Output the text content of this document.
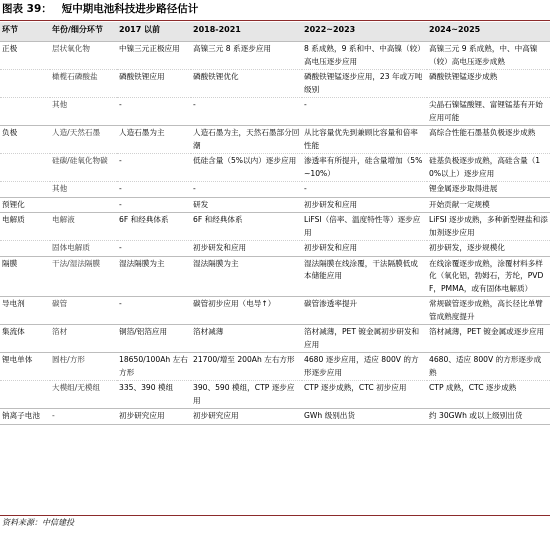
图表 39： 短中期电池科技进步路径估计
环节	年份/细分环节	2017 以前	2018-2021	2022~2023	2024~2025
正极	层状氧化物	中镍三元正极应用	高镍三元 8 系逐步应用	8 系成熟，9 系和中、中高镍（较）高电压逐步应用	高镍三元 9 系成熟，中、中高镍（较）高电压逐步成熟
	橄榄石磷酸盐	磷酸铁锂应用	磷酸铁锂优化	磷酸铁锂锰逐步应用，23 年或万吨级别	磷酸铁锂锰逐步成熟
	其他	-	-	-	尖晶石镍锰酸锂、富锂锰基有开始应用可能
负极	人造/天然石墨	人造石墨为主	人造石墨为主，天然石墨部分回潮	从比容量优先到兼顾比容量和倍率性能	高综合性能石墨基负极逐步成熟
	硅碳/硅氧化物碳	-	低硅含量（5%以内）逐步应用	渗透率有所提升，硅含量增加（5%~10%）	硅基负极逐步成熟，高硅含量（10%以上）逐步应用
	其他	-	-	-	锂金属逐步取得进展
预锂化		-	研发	初步研发和应用	开始贡献一定规模
电解质	电解液	6F 和经典体系	6F 和经典体系	LiFSI（倍率、温度特性等）逐步应用	LiFSI 逐步成熟，多种新型锂盐和添加剂逐步应用
	固体电解质	-	初步研发和应用	初步研发和应用	初步研发，逐步规模化
隔膜	干法/湿法隔膜	湿法隔膜为主	湿法隔膜为主	湿法隔膜在线涂覆，干法隔膜低成本储能应用	在线涂覆逐步成熟，涂覆材料多样化（氧化铝，勃姆石，芳纶，PVDF，PMMA，或有固体电解质）
导电剂	碳管	-	碳管初步应用（电导↑）	碳管渗透率提升	常规碳管逐步成熟，高长径比单臂管成熟度提升
集流体	箔材	铜箔/铝箔应用	箔材减薄	箔材减薄，PET 镀金属初步研发和应用	箔材减薄，PET 镀金属或逐步应用
锂电单体	圆柱/方形	18650/100Ah 左右方形	21700/增至 200Ah 左右方形	4680 逐步应用，适应 800V 的方形逐步应用	4680、适应 800V 的方形逐步成熟
	大模组/无模组	335、390 模组	390、590 模组，CTP 逐步应用	CTP 逐步成熟，CTC 初步应用	CTP 成熟，CTC 逐步成熟
钠离子电池	-	初步研究应用	初步研究应用	GWh 级别出货	约 30GWh 或以上级别出货
资料来源：中信建投
